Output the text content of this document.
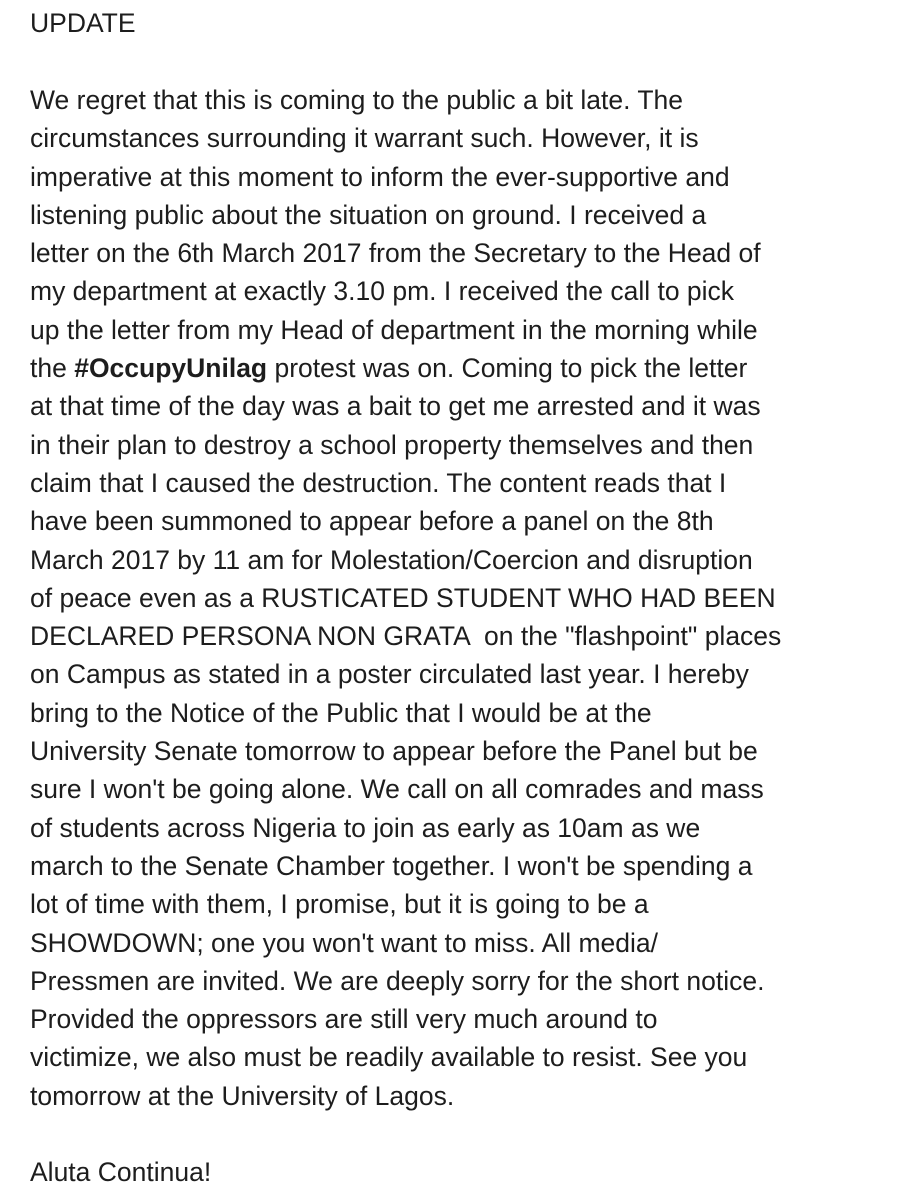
UPDATE
We regret that this is coming to the public a bit late. The
circumstances surrounding it warrant such. However, it is
imperative at this moment to inform the ever-supportive and
listening public about the situation on ground. I received a
letter on the 6th March 2017 from the Secretary to the Head of
my department at exactly 3.10 pm. I received the call to pick
up the letter from my Head of department in the morning while
the #OccupyUnilag protest was on. Coming to pick the letter
at that time of the day was a bait to get me arrested and it was
in their plan to destroy a school property themselves and then
claim that I caused the destruction. The content reads that I
have been summoned to appear before a panel on the 8th
March 2017 by 11 am for Molestation/Coercion and disruption
of peace even as a RUSTICATED STUDENT WHO HAD BEEN
DECLARED PERSONA NON GRATA  on the "flashpoint" places
on Campus as stated in a poster circulated last year. I hereby
bring to the Notice of the Public that I would be at the
University Senate tomorrow to appear before the Panel but be
sure I won't be going alone. We call on all comrades and mass
of students across Nigeria to join as early as 10am as we
march to the Senate Chamber together. I won't be spending a
lot of time with them, I promise, but it is going to be a
SHOWDOWN; one you won't want to miss. All media/
Pressmen are invited. We are deeply sorry for the short notice.
Provided the oppressors are still very much around to
victimize, we also must be readily available to resist. See you
tomorrow at the University of Lagos.
Aluta Continua!
